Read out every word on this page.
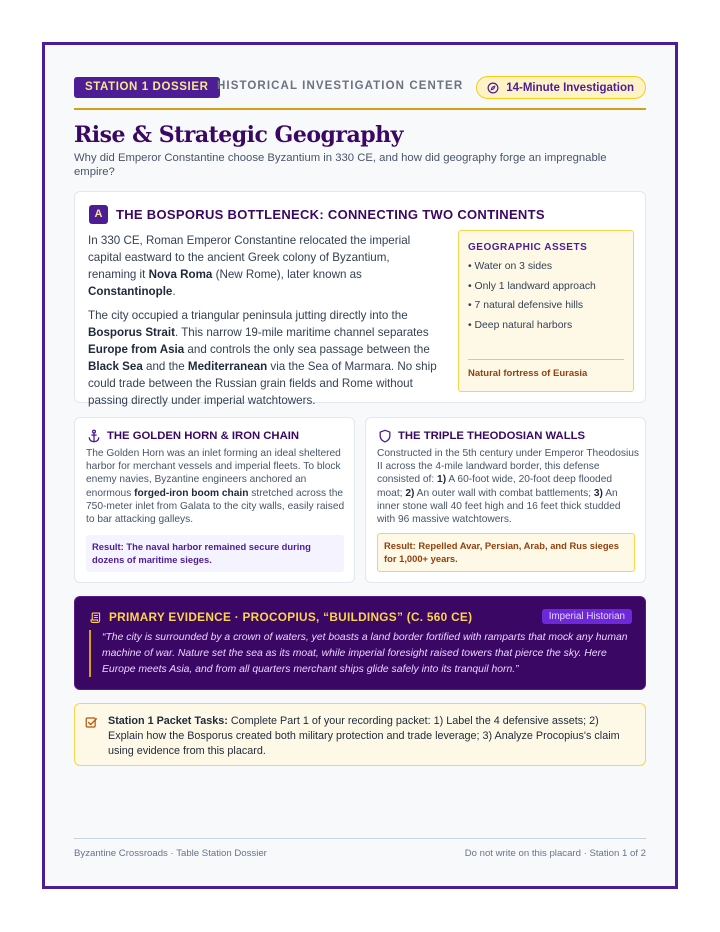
STATION 1 DOSSIER HISTORICAL INVESTIGATION CENTER	14-Minute Investigation
Rise & Strategic Geography
Why did Emperor Constantine choose Byzantium in 330 CE, and how did geography forge an impregnable empire?
A	THE BOSPORUS BOTTLENECK: CONNECTING TWO CONTINENTS

In 330 CE, Roman Emperor Constantine relocated the imperial capital eastward to the ancient Greek colony of Byzantium, renaming it Nova Roma (New Rome), later known as Constantinople.

The city occupied a triangular peninsula jutting directly into the Bosporus Strait. This narrow 19-mile maritime channel separates Europe from Asia and controls the only sea passage between the Black Sea and the Mediterranean via the Sea of Marmara. No ship could trade between the Russian grain fields and Rome without passing directly under imperial watchtowers.

GEOGRAPHIC ASSETS
• Water on 3 sides
• Only 1 landward approach
• 7 natural defensive hills
• Deep natural harbors
Natural fortress of Eurasia
THE GOLDEN HORN & IRON CHAIN
The Golden Horn was an inlet forming an ideal sheltered harbor for merchant vessels and imperial fleets. To block enemy navies, Byzantine engineers anchored an enormous forged-iron boom chain stretched across the 750-meter inlet from Galata to the city walls, easily raised to bar attacking galleys.
Result: The naval harbor remained secure during dozens of maritime sieges.
THE TRIPLE THEODOSIAN WALLS
Constructed in the 5th century under Emperor Theodosius II across the 4-mile landward border, this defense consisted of: 1) A 60-foot wide, 20-foot deep flooded moat; 2) An outer wall with combat battlements; 3) An inner stone wall 40 feet high and 16 feet thick studded with 96 massive watchtowers.
Result: Repelled Avar, Persian, Arab, and Rus sieges for 1,000+ years.
PRIMARY EVIDENCE · PROCOPIUS, “BUILDINGS” (C. 560 CE)	Imperial Historian
“The city is surrounded by a crown of waters, yet boasts a land border fortified with ramparts that mock any human machine of war. Nature set the sea as its moat, while imperial foresight raised towers that pierce the sky. Here Europe meets Asia, and from all quarters merchant ships glide safely into its tranquil horn.”
Station 1 Packet Tasks: Complete Part 1 of your recording packet: 1) Label the 4 defensive assets; 2) Explain how the Bosporus created both military protection and trade leverage; 3) Analyze Procopius's claim using evidence from this placard.
Byzantine Crossroads · Table Station Dossier	Do not write on this placard · Station 1 of 2
